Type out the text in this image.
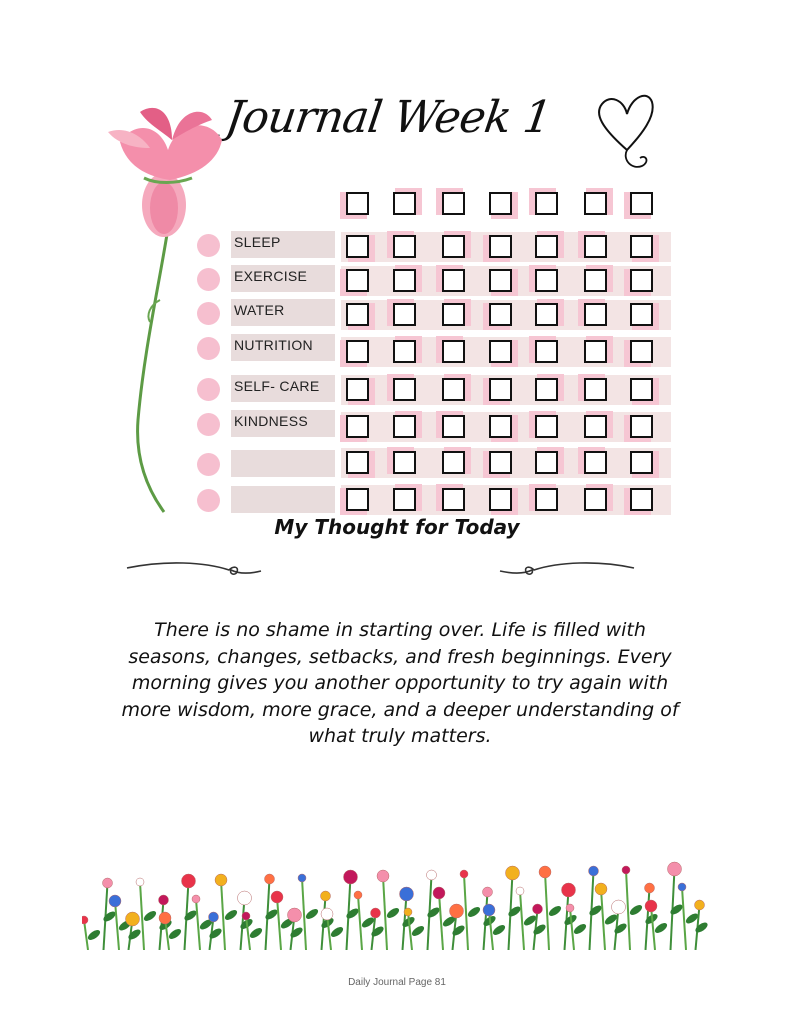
Journal Week 1
SLEEP
EXERCISE
WATER
NUTRITION
SELF- CARE
KINDNESS
My Thought for Today
There is no shame in starting over. Life is filled with seasons, changes, setbacks, and fresh beginnings. Every morning gives you another opportunity to try again with more wisdom, more grace, and a deeper understanding of what truly matters.
Daily Journal Page 81
